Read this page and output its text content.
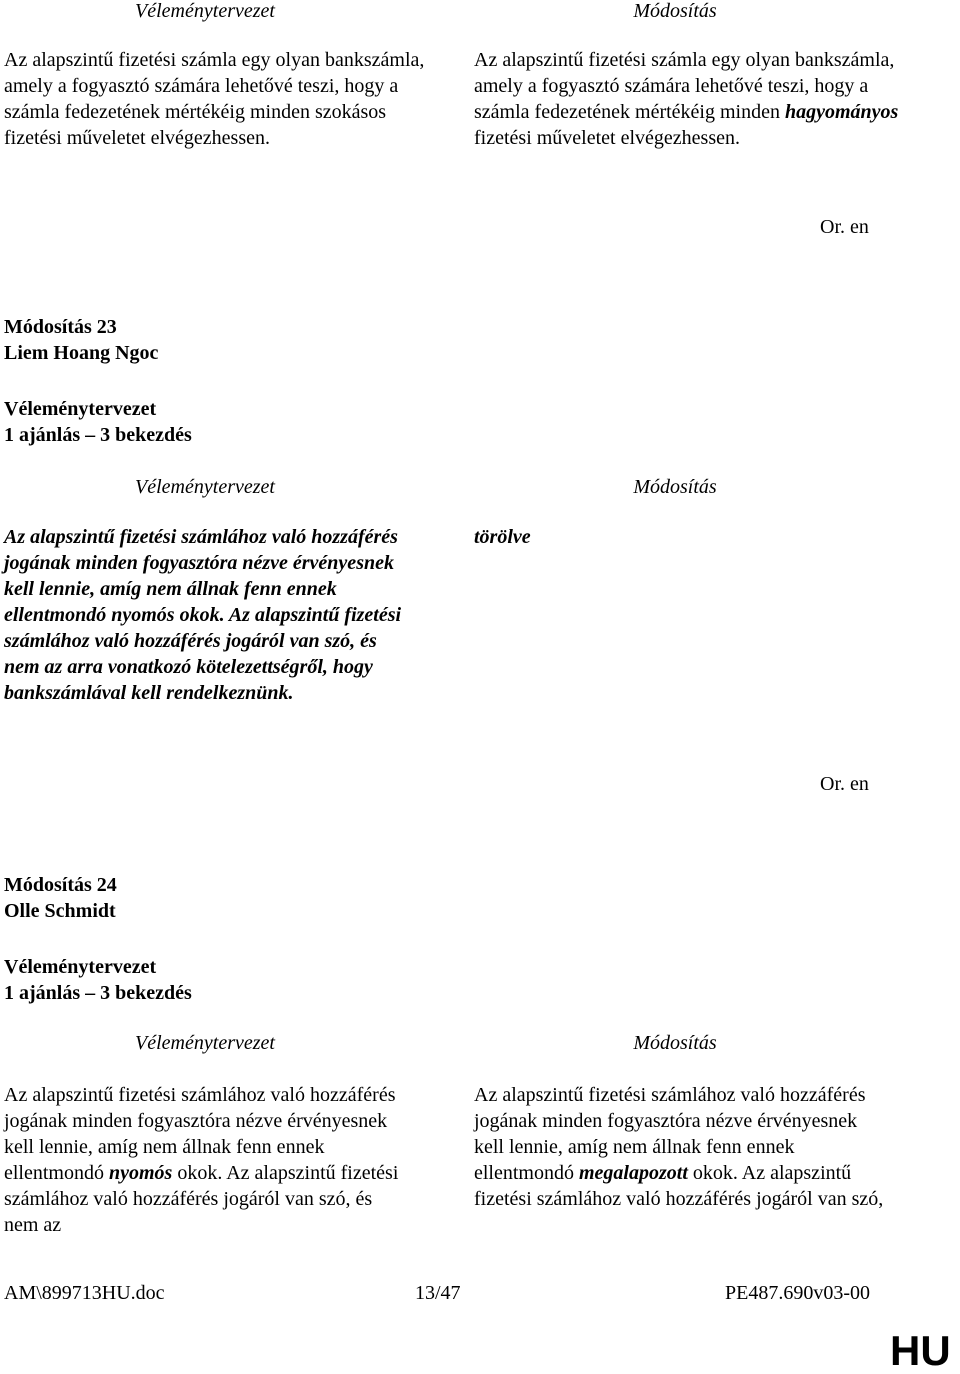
Véleménytervezet	Módosítás

Az alapszintű fizetési számla egy olyan bankszámla, amely a fogyasztó számára lehetővé teszi, hogy a számla fedezetének mértékéig minden szokásos fizetési műveletet elvégezhessen.

Az alapszintű fizetési számla egy olyan bankszámla, amely a fogyasztó számára lehetővé teszi, hogy a számla fedezetének mértékéig minden hagyományos fizetési műveletet elvégezhessen.

Or. en
Módosítás 23
Liem Hoang Ngoc
Véleménytervezet
1 ajánlás – 3 bekezdés
Véleménytervezet	Módosítás

Az alapszintű fizetési számlához való hozzáférés jogának minden fogyasztóra nézve érvényesnek kell lennie, amíg nem állnak fenn ennek ellentmondó nyomós okok. Az alapszintű fizetési számlához való hozzáférés jogáról van szó, és nem az arra vonatkozó kötelezettségről, hogy bankszámlával kell rendelkeznünk.

törölve

Or. en
Módosítás 24
Olle Schmidt
Véleménytervezet
1 ajánlás – 3 bekezdés
Véleménytervezet	Módosítás

Az alapszintű fizetési számlához való hozzáférés jogának minden fogyasztóra nézve érvényesnek kell lennie, amíg nem állnak fenn ennek ellentmondó nyomós okok. Az alapszintű fizetési számlához való hozzáférés jogáról van szó, és nem az

Az alapszintű fizetési számlához való hozzáférés jogának minden fogyasztóra nézve érvényesnek kell lennie, amíg nem állnak fenn ennek ellentmondó megalapozott okok. Az alapszintű fizetési számlához való hozzáférés jogáról van szó,

AM\899713HU.doc	13/47	PE487.690v03-00
HU
